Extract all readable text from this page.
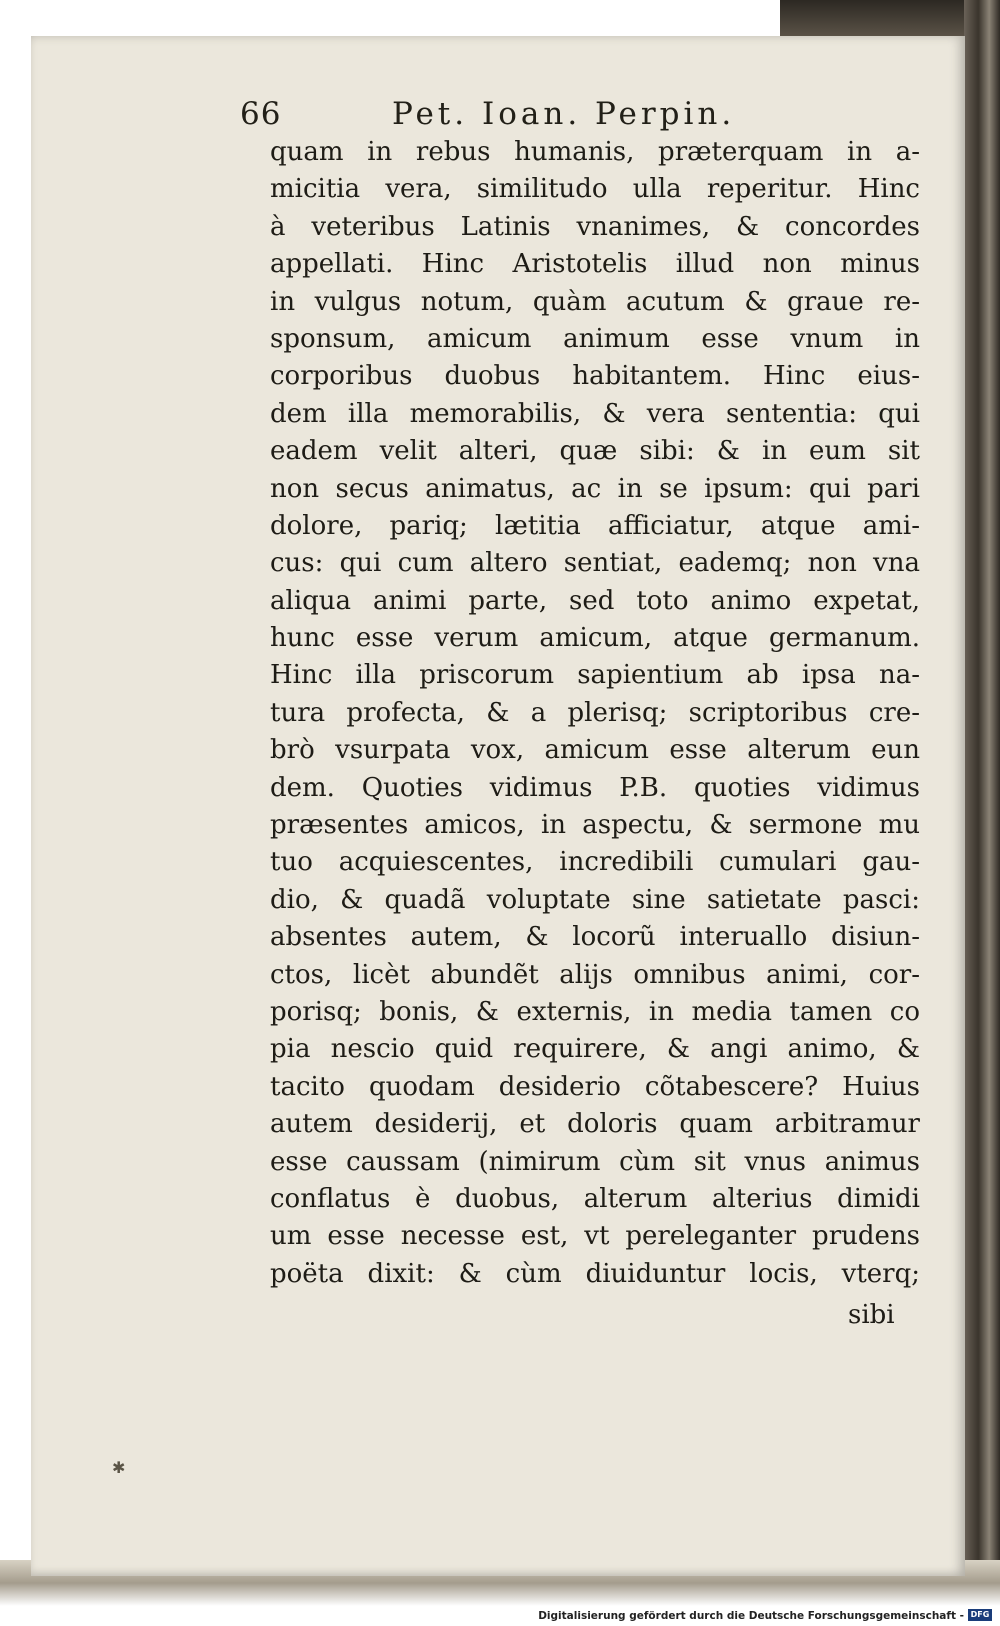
66	Pet. Ioan. Perpin.
quam in rebus humanis, præterquam in a-
micitia vera, similitudo ulla reperitur. Hinc
à veteribus Latinis vnanimes, & concordes
appellati. Hinc Aristotelis illud non minus
in vulgus notum, quàm acutum & graue re-
sponsum, amicum animum esse vnum in
corporibus duobus habitantem. Hinc eius-
dem illa memorabilis, & vera sententia: qui
eadem velit alteri, quæ sibi: & in eum sit
non secus animatus, ac in se ipsum: qui pari
dolore, pariq; lætitia afficiatur, atque ami-
cus: qui cum altero sentiat, eademq; non vna
aliqua animi parte, sed toto animo expetat,
hunc esse verum amicum, atque germanum.
Hinc illa priscorum sapientium ab ipsa na-
tura profecta, & a plerisq; scriptoribus cre-
brò vsurpata vox, amicum esse alterum eun
dem. Quoties vidimus P.B. quoties vidimus
præsentes amicos, in aspectu, & sermone mu
tuo acquiescentes, incredibili cumulari gau-
dio, & quadã voluptate sine satietate pasci:
absentes autem, & locorũ interuallo disiun-
ctos, licèt abundẽt alijs omnibus animi, cor-
porisq; bonis, & externis, in media tamen co
pia nescio quid requirere, & angi animo, &
tacito quodam desiderio cõtabescere? Huius
autem desiderij, et doloris quam arbitramur
esse caussam (nimirum cùm sit vnus animus
conflatus è duobus, alterum alterius dimidi
um esse necesse est, vt pereleganter prudens
poëta dixit: & cùm diuiduntur locis, vterq;
sibi
✱
Digitalisierung gefördert durch die Deutsche Forschungsgemeinschaft - DFG
